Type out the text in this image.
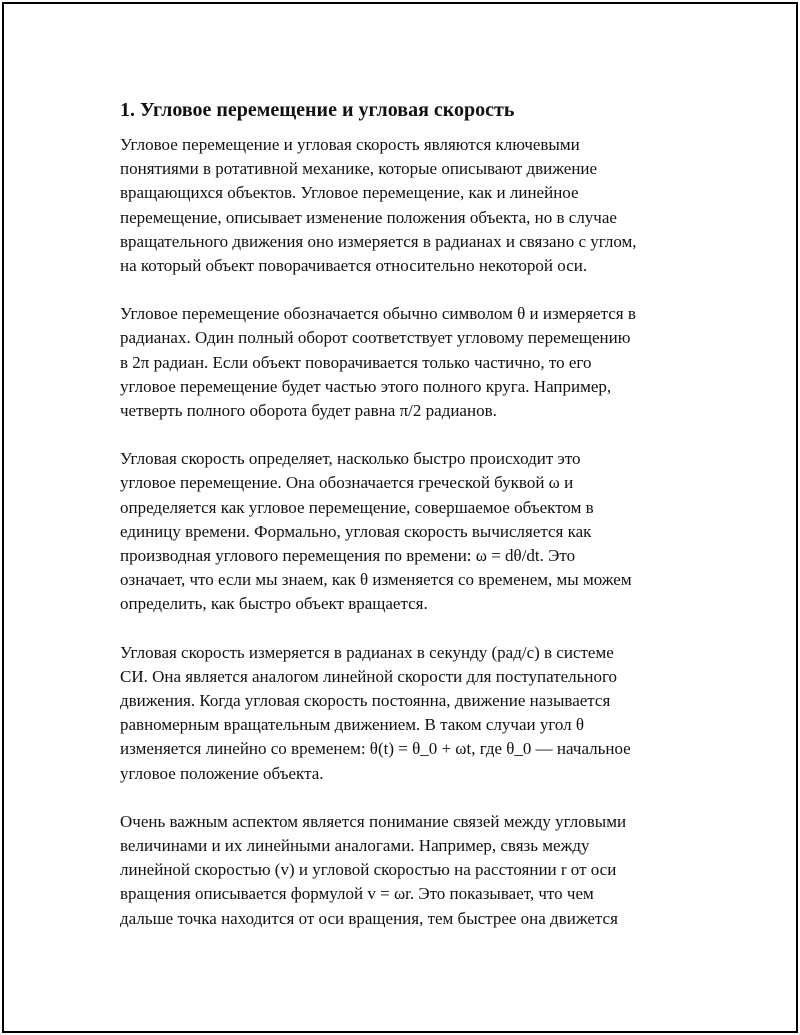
1. Угловое перемещение и угловая скорость
Угловое перемещение и угловая скорость являются ключевыми
понятиями в ротативной механике, которые описывают движение
вращающихся объектов. Угловое перемещение, как и линейное
перемещение, описывает изменение положения объекта, но в случае
вращательного движения оно измеряется в радианах и связано с углом,
на который объект поворачивается относительно некоторой оси.
Угловое перемещение обозначается обычно символом θ и измеряется в
радианах. Один полный оборот соответствует угловому перемещению
в 2π радиан. Если объект поворачивается только частично, то его
угловое перемещение будет частью этого полного круга. Например,
четверть полного оборота будет равна π/2 радианов.
Угловая скорость определяет, насколько быстро происходит это
угловое перемещение. Она обозначается греческой буквой ω и
определяется как угловое перемещение, совершаемое объектом в
единицу времени. Формально, угловая скорость вычисляется как
производная углового перемещения по времени: ω = dθ/dt. Это
означает, что если мы знаем, как θ изменяется со временем, мы можем
определить, как быстро объект вращается.
Угловая скорость измеряется в радианах в секунду (рад/с) в системе
СИ. Она является аналогом линейной скорости для поступательного
движения. Когда угловая скорость постоянна, движение называется
равномерным вращательным движением. В таком случаи угол θ
изменяется линейно со временем: θ(t) = θ_0 + ωt, где θ_0 — начальное
угловое положение объекта.
Очень важным аспектом является понимание связей между угловыми
величинами и их линейными аналогами. Например, связь между
линейной скоростью (v) и угловой скоростью на расстоянии r от оси
вращения описывается формулой v = ωr. Это показывает, что чем
дальше точка находится от оси вращения, тем быстрее она движется
